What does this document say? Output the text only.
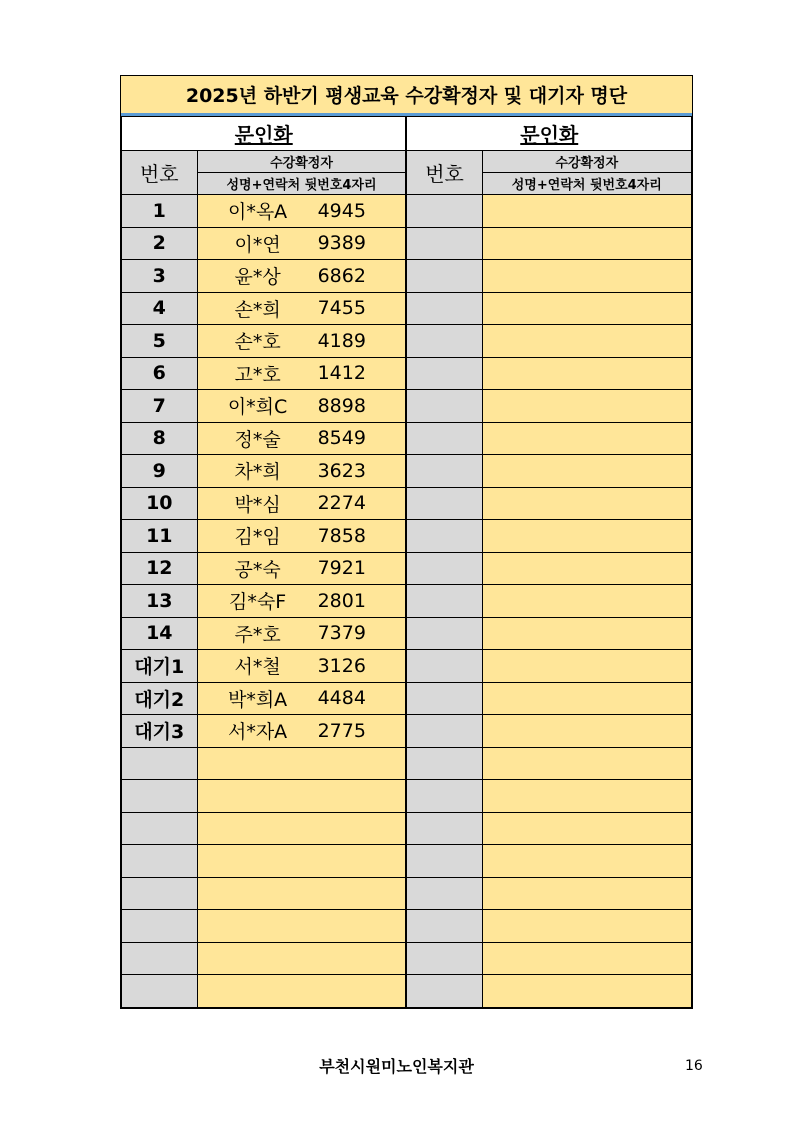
2025년 하반기 평생교육 수강확정자 및 대기자 명단
문인화		문인화	
번호	수강확정자	번호	수강확정자
	성명+연락처 뒷번호4자리		성명+연락처 뒷번호4자리
1	이*옥A 4945		

2	이*연 9389		

3	윤*상 6862		

4	손*희 7455		

5	손*호 4189		

6	고*호 1412		

7	이*희C 8898		

8	정*술 8549		

9	차*희 3623		

10	박*심 2274		

11	김*임 7858		

12	공*숙 7921		

13	김*숙F 2801		

14	주*호 7379		

대기1	서*철 3126		

대기2	박*희A 4484		

대기3	서*자A 2775		

부천시원미노인복지관	16
